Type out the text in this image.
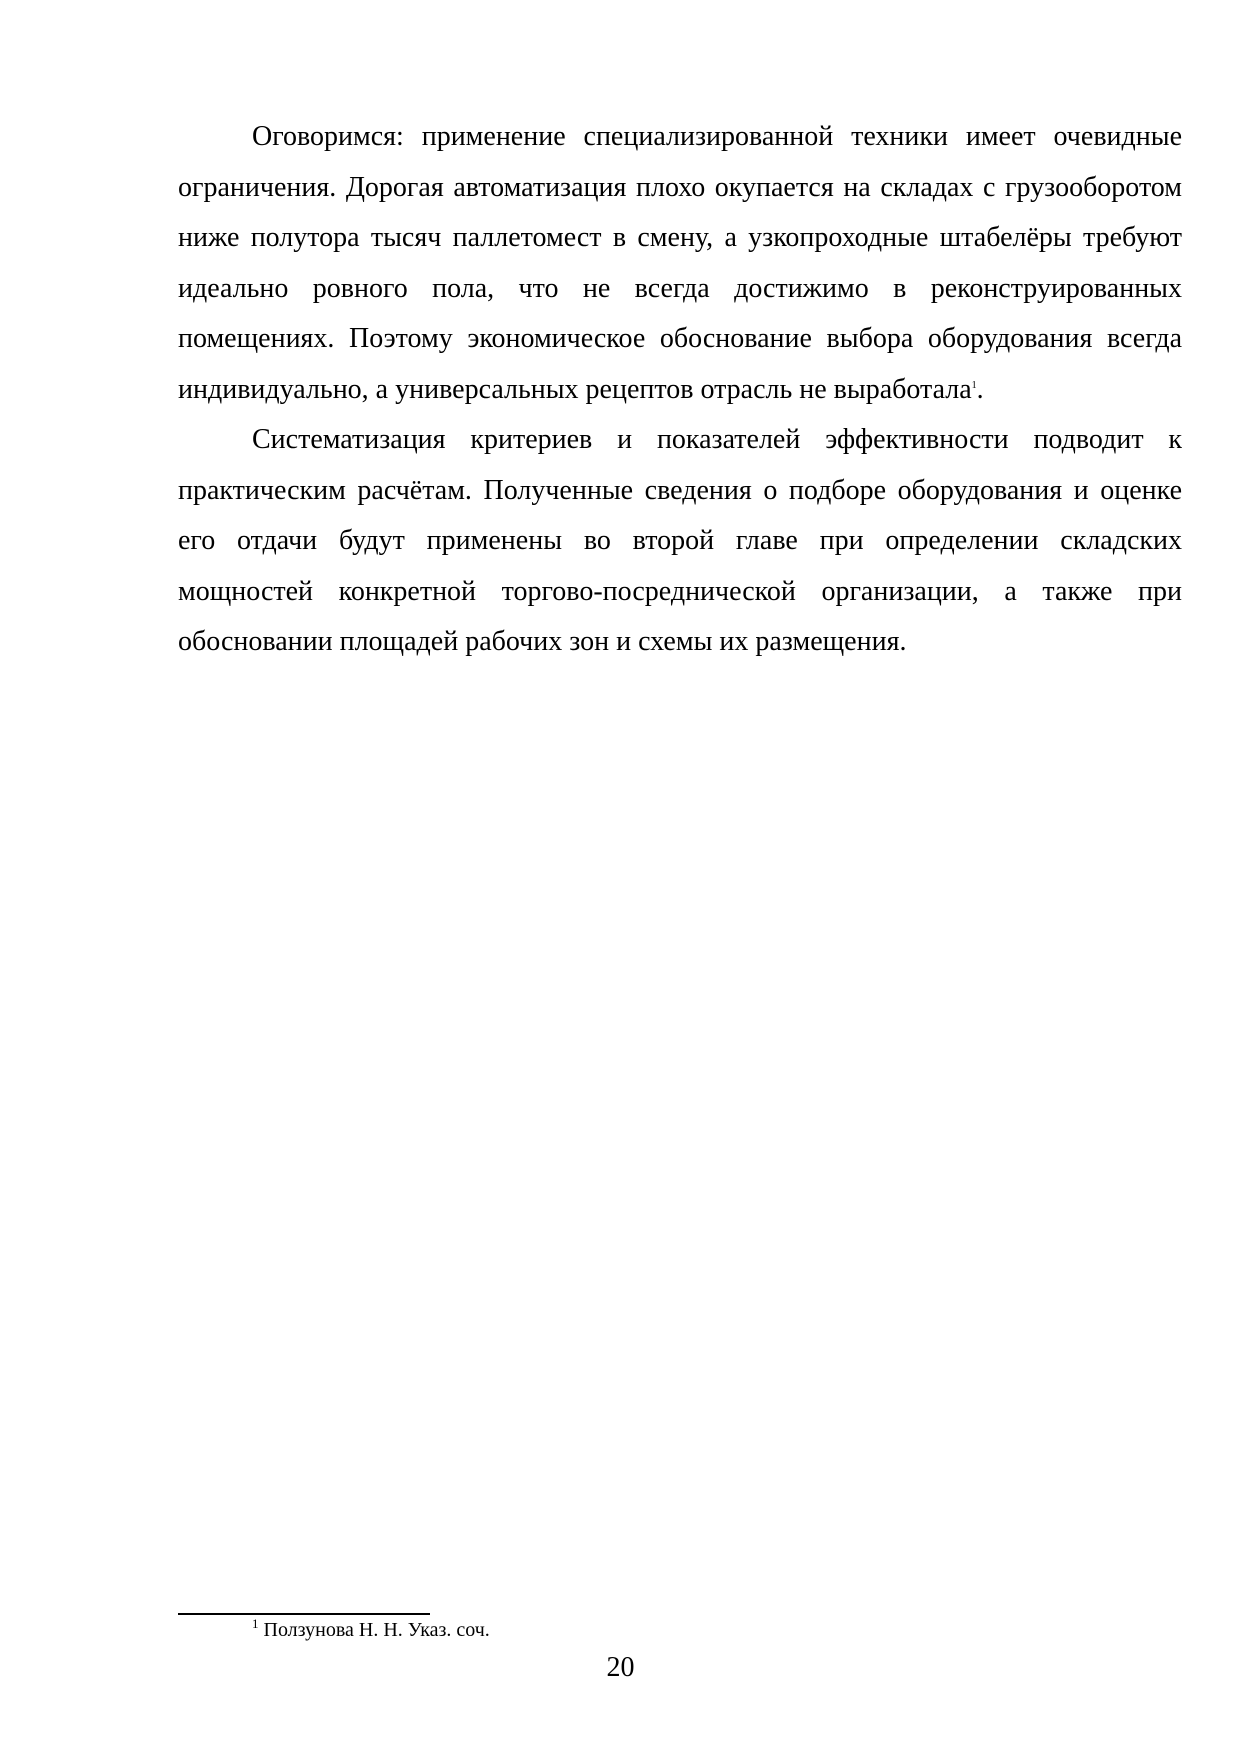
Оговоримся: применение специализированной техники имеет очевидные ограничения. Дорогая автоматизация плохо окупается на складах с грузооборотом ниже полутора тысяч паллетомест в смену, а узкопроходные штабелёры требуют идеально ровного пола, что не всегда достижимо в реконструированных помещениях. Поэтому экономическое обоснование выбора оборудования всегда индивидуально, а универсальных рецептов отрасль не выработала$^1$.

Систематизация критериев и показателей эффективности подводит к практическим расчётам. Полученные сведения о подборе оборудования и оценке его отдачи будут применены во второй главе при определении складских мощностей конкретной торгово-посреднической организации, а также при обосновании площадей рабочих зон и схемы их размещения.

$^1$ Ползунова Н. Н. Указ. соч.
20
